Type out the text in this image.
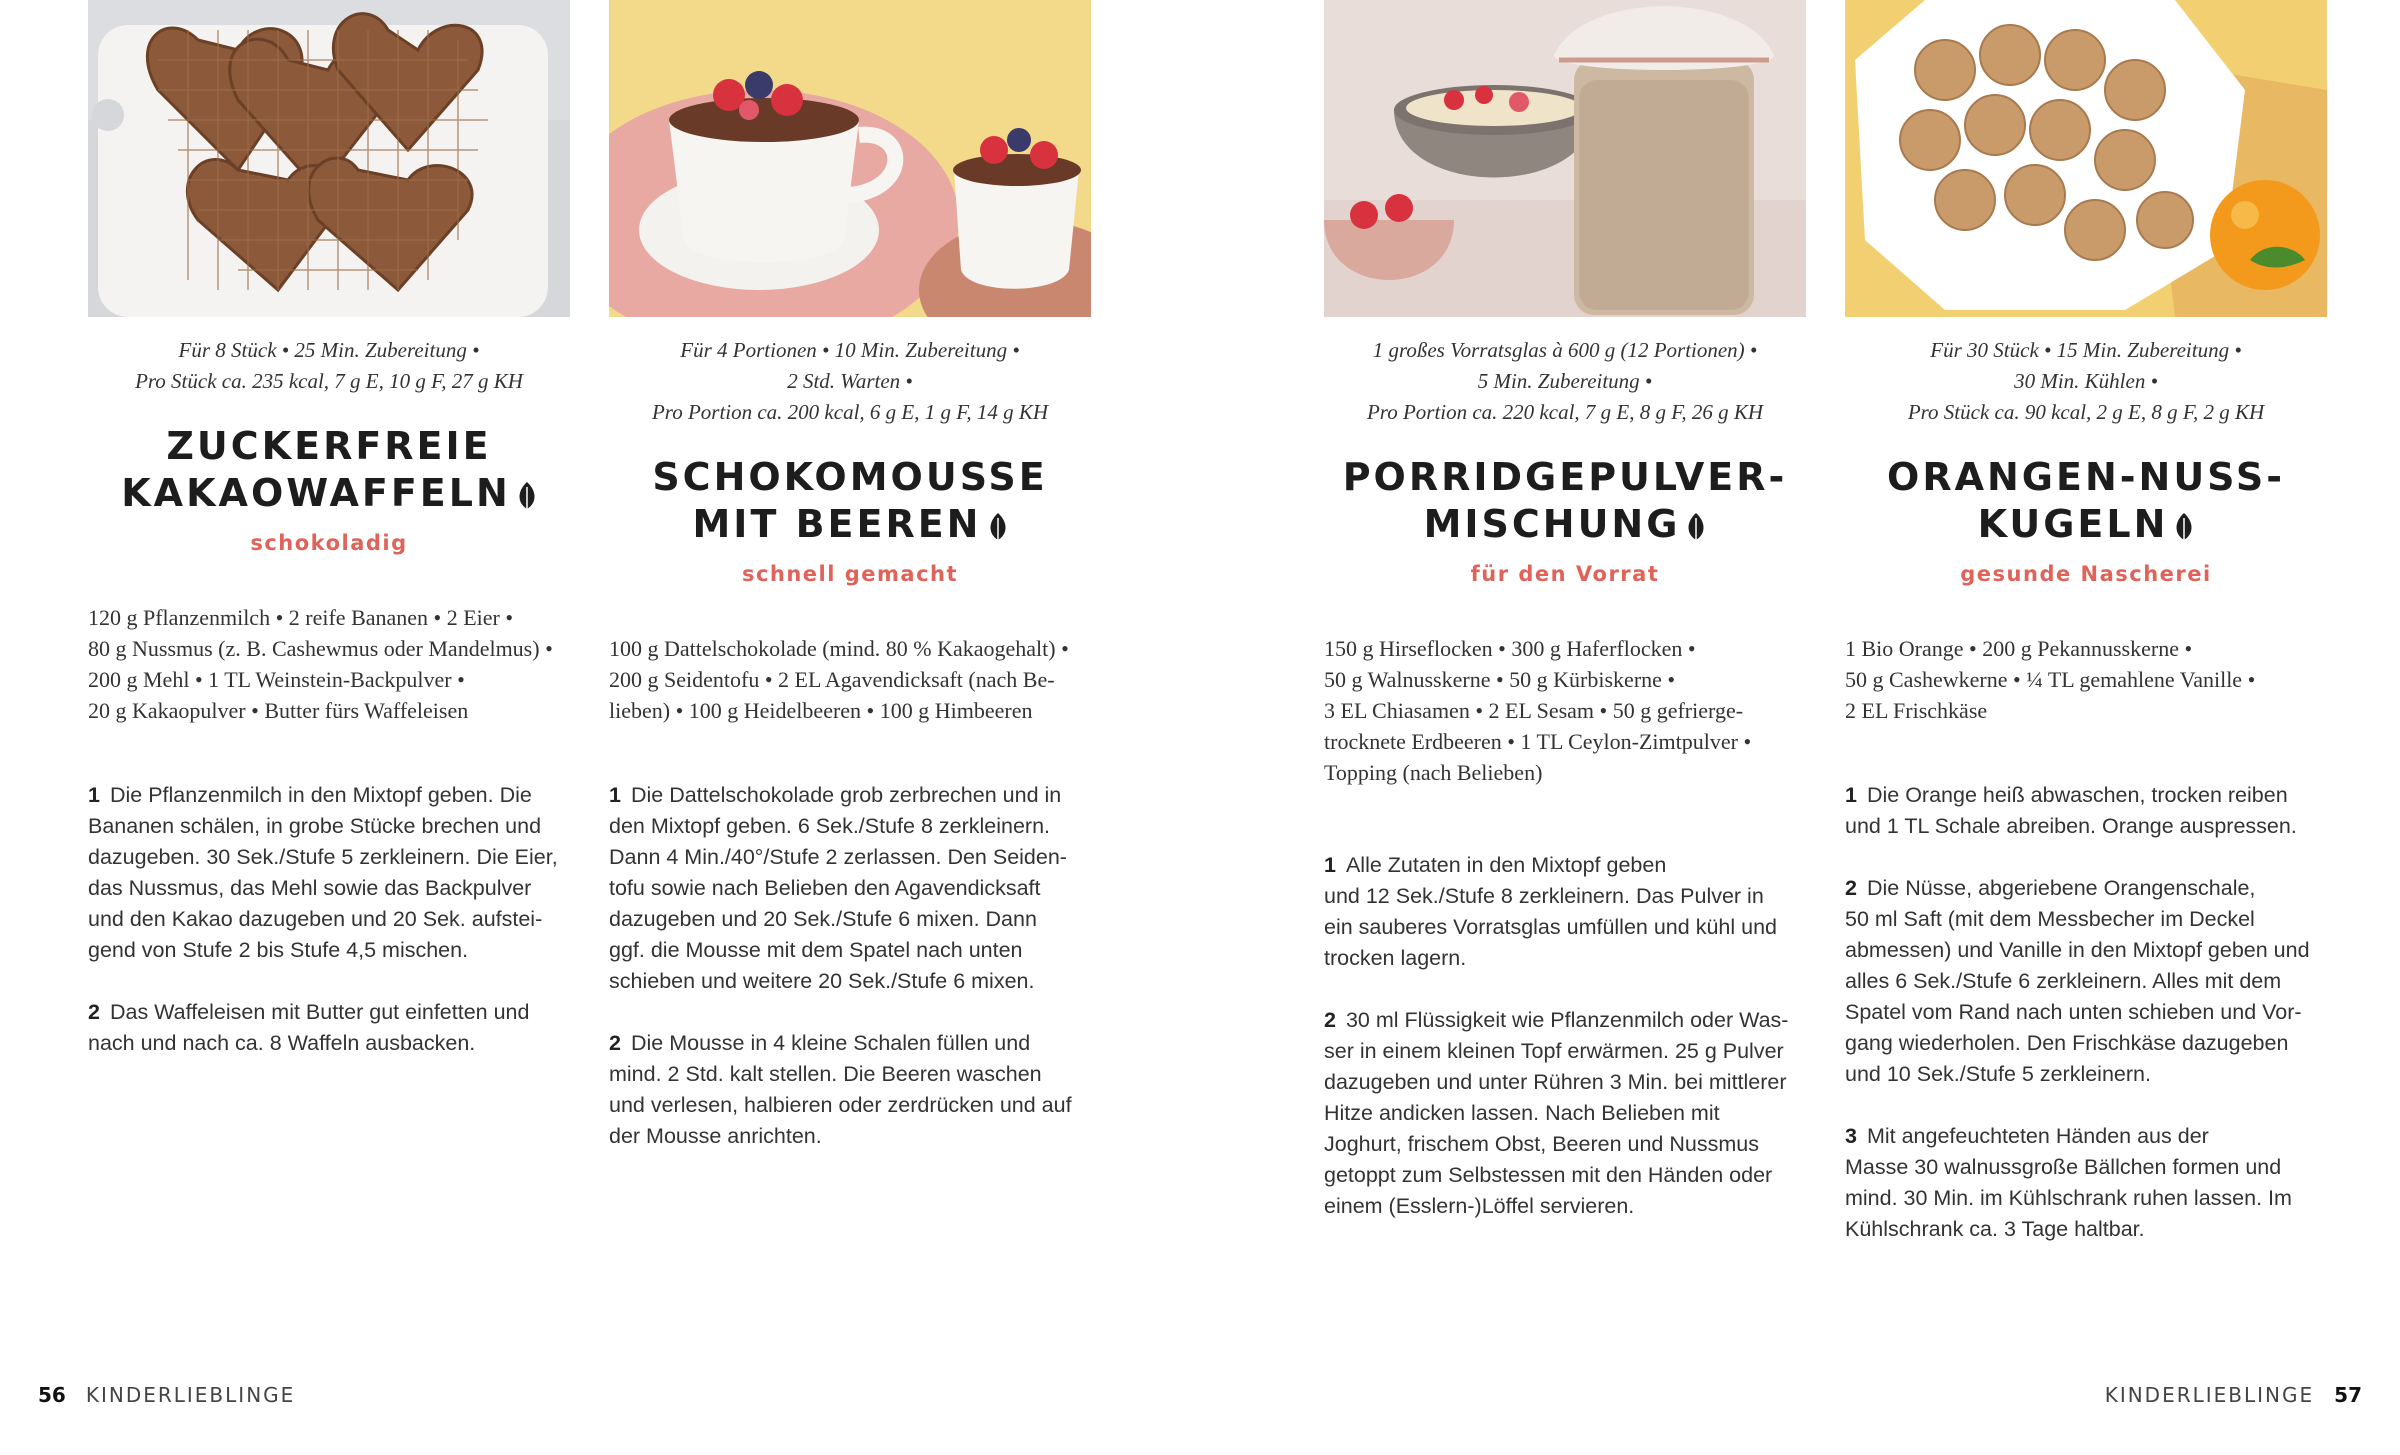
Für 8 Stück • 25 Min. Zubereitung •
Pro Stück ca. 235 kcal, 7 g E, 10 g F, 27 g KH
ZUCKERFREIE
KAKAOWAFFELN
schokoladig
120 g Pflanzenmilch • 2 reife Bananen • 2 Eier •
80 g Nussmus (z. B. Cashewmus oder Mandelmus) •
200 g Mehl • 1 TL Weinstein-Backpulver •
20 g Kakaopulver • Butter fürs Waffeleisen
1 Die Pflanzenmilch in den Mixtopf geben. Die
Bananen schälen, in grobe Stücke brechen und
dazugeben. 30 Sek./Stufe 5 zerkleinern. Die Eier,
das Nussmus, das Mehl sowie das Backpulver
und den Kakao dazugeben und 20 Sek. aufstei-
gend von Stufe 2 bis Stufe 4,5 mischen.
2 Das Waffeleisen mit Butter gut einfetten und
nach und nach ca. 8 Waffeln ausbacken.
Für 4 Portionen • 10 Min. Zubereitung •
2 Std. Warten •
Pro Portion ca. 200 kcal, 6 g E, 1 g F, 14 g KH
SCHOKOMOUSSE
MIT BEEREN
schnell gemacht
100 g Dattelschokolade (mind. 80 % Kakaogehalt) •
200 g Seidentofu • 2 EL Agavendicksaft (nach Be-
lieben) • 100 g Heidelbeeren • 100 g Himbeeren
1 Die Dattelschokolade grob zerbrechen und in
den Mixtopf geben. 6 Sek./Stufe 8 zerkleinern.
Dann 4 Min./40°/Stufe 2 zerlassen. Den Seiden-
tofu sowie nach Belieben den Agavendicksaft
dazugeben und 20 Sek./Stufe 6 mixen. Dann
ggf. die Mousse mit dem Spatel nach unten
schieben und weitere 20 Sek./Stufe 6 mixen.
2 Die Mousse in 4 kleine Schalen füllen und
mind. 2 Std. kalt stellen. Die Beeren waschen
und verlesen, halbieren oder zerdrücken und auf
der Mousse anrichten.
1 großes Vorratsglas à 600 g (12 Portionen) •
5 Min. Zubereitung •
Pro Portion ca. 220 kcal, 7 g E, 8 g F, 26 g KH
PORRIDGEPULVER-
MISCHUNG
für den Vorrat
150 g Hirseflocken • 300 g Haferflocken •
50 g Walnusskerne • 50 g Kürbiskerne •
3 EL Chiasamen • 2 EL Sesam • 50 g gefrierge-
trocknete Erdbeeren • 1 TL Ceylon-Zimtpulver •
Topping (nach Belieben)
1 Alle Zutaten in den Mixtopf geben
und 12 Sek./Stufe 8 zerkleinern. Das Pulver in
ein sauberes Vorratsglas umfüllen und kühl und
trocken lagern.
2 30 ml Flüssigkeit wie Pflanzenmilch oder Was-
ser in einem kleinen Topf erwärmen. 25 g Pulver
dazugeben und unter Rühren 3 Min. bei mittlerer
Hitze andicken lassen. Nach Belieben mit
Joghurt, frischem Obst, Beeren und Nussmus
getoppt zum Selbstessen mit den Händen oder
einem (Esslern-)Löffel servieren.
Für 30 Stück • 15 Min. Zubereitung •
30 Min. Kühlen •
Pro Stück ca. 90 kcal, 2 g E, 8 g F, 2 g KH
ORANGEN-NUSS-
KUGELN
gesunde Nascherei
1 Bio Orange • 200 g Pekannusskerne •
50 g Cashewkerne • ¼ TL gemahlene Vanille •
2 EL Frischkäse
1 Die Orange heiß abwaschen, trocken reiben
und 1 TL Schale abreiben. Orange auspressen.
2 Die Nüsse, abgeriebene Orangenschale,
50 ml Saft (mit dem Messbecher im Deckel
abmessen) und Vanille in den Mixtopf geben und
alles 6 Sek./Stufe 6 zerkleinern. Alles mit dem
Spatel vom Rand nach unten schieben und Vor-
gang wiederholen. Den Frischkäse dazugeben
und 10 Sek./Stufe 5 zerkleinern.
3 Mit angefeuchteten Händen aus der
Masse 30 walnussgroße Bällchen formen und
mind. 30 Min. im Kühlschrank ruhen lassen. Im
Kühlschrank ca. 3 Tage haltbar.
56 KINDERLIEBLINGE	KINDERLIEBLINGE 57
